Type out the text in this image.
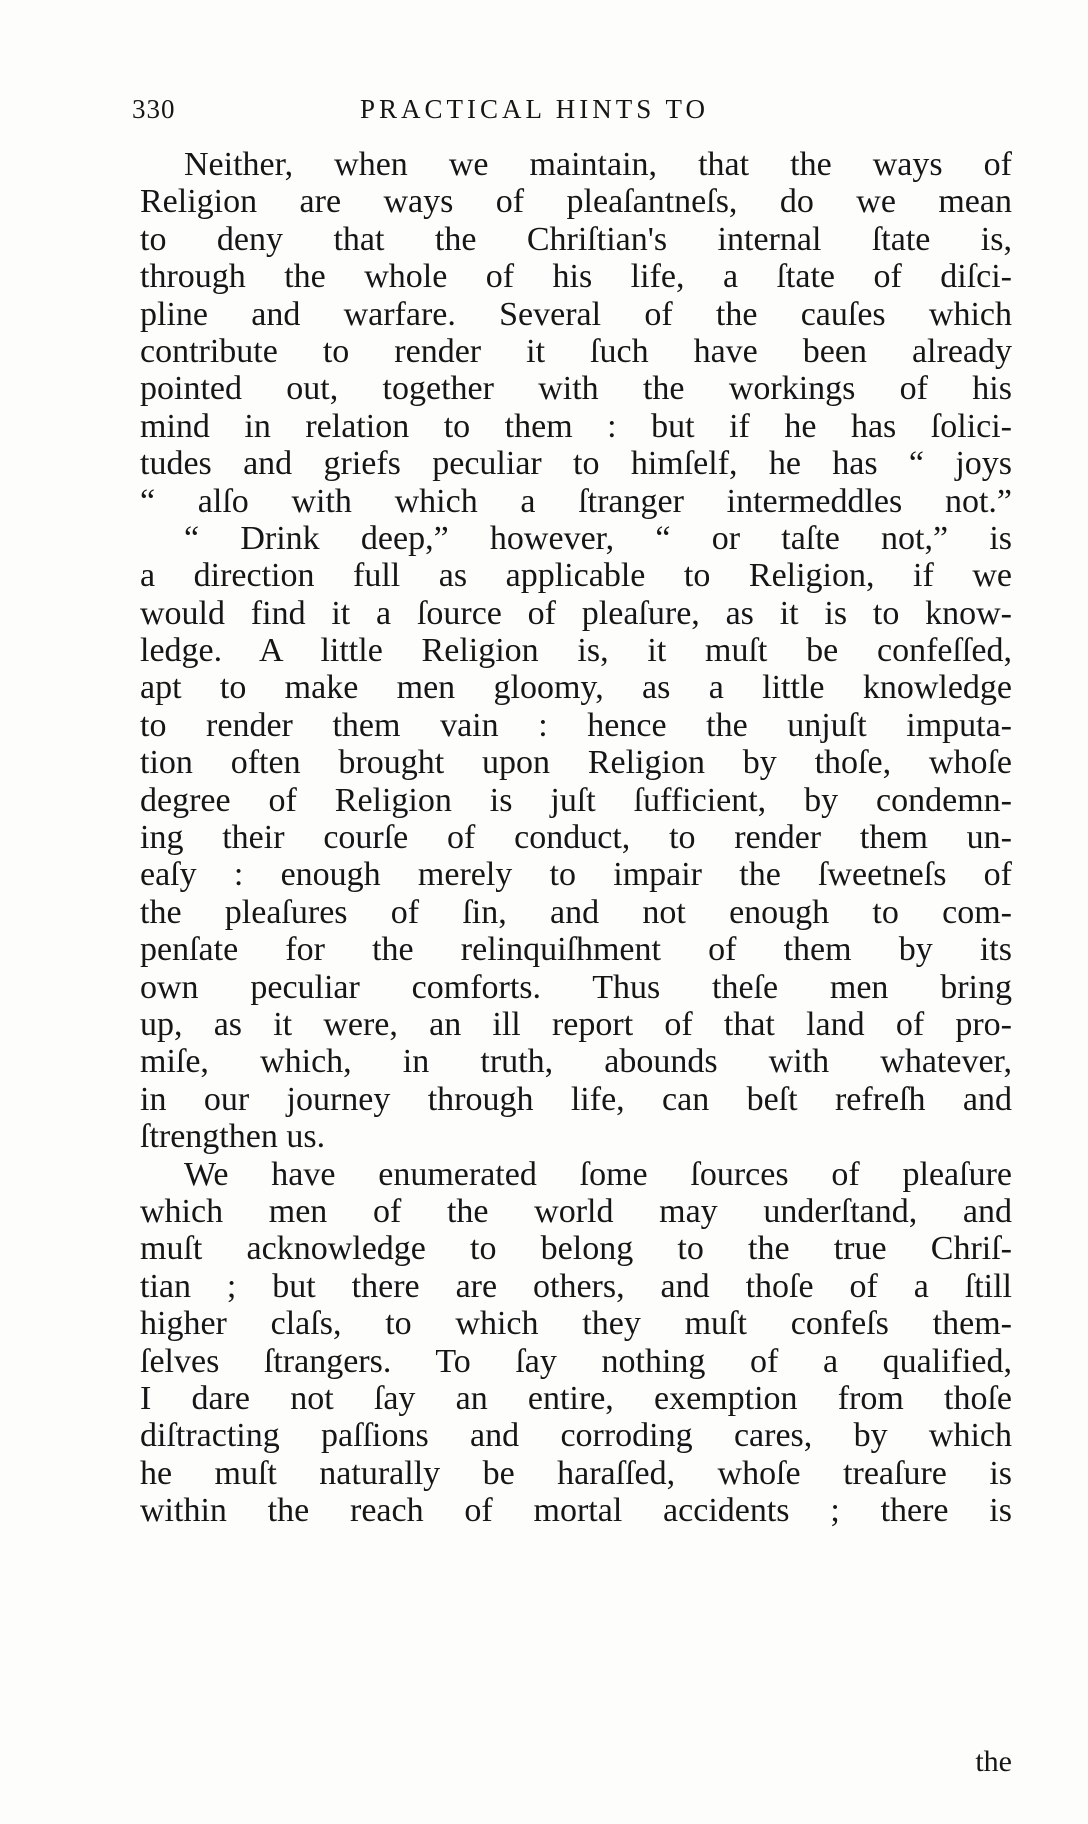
330	PRACTICAL HINTS TO
Neither, when we maintain, that the ways of
Religion are ways of pleaſantneſs, do we mean
to deny that the Chriſtian's internal ſtate is,
through the whole of his life, a ſtate of diſci-
pline and warfare. Several of the cauſes which
contribute to render it ſuch have been already
pointed out, together with the workings of his
mind in relation to them : but if he has ſolici-
tudes and griefs peculiar to himſelf, he has “ joys
“ alſo with which a ſtranger intermeddles not.”
“ Drink deep,” however, “ or taſte not,” is
a direction full as applicable to Religion, if we
would find it a ſource of pleaſure, as it is to know-
ledge. A little Religion is, it muſt be confeſſed,
apt to make men gloomy, as a little knowledge
to render them vain : hence the unjuſt imputa-
tion often brought upon Religion by thoſe, whoſe
degree of Religion is juſt ſufficient, by condemn-
ing their courſe of conduct, to render them un-
eaſy : enough merely to impair the ſweetneſs of
the pleaſures of ſin, and not enough to com-
penſate for the relinquiſhment of them by its
own peculiar comforts. Thus theſe men bring
up, as it were, an ill report of that land of pro-
miſe, which, in truth, abounds with whatever,
in our journey through life, can beſt refreſh and
ſtrengthen us.
We have enumerated ſome ſources of pleaſure
which men of the world may underſtand, and
muſt acknowledge to belong to the true Chriſ-
tian ; but there are others, and thoſe of a ſtill
higher claſs, to which they muſt confeſs them-
ſelves ſtrangers. To ſay nothing of a qualified,
I dare not ſay an entire, exemption from thoſe
diſtracting paſſions and corroding cares, by which
he muſt naturally be haraſſed, whoſe treaſure is
within the reach of mortal accidents ; there is
the
